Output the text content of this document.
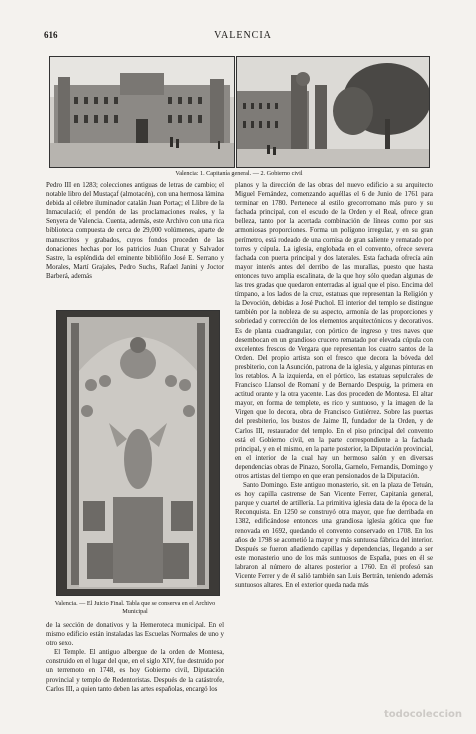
616	VALENCIA
Valencia: 1. Capitanía general. — 2. Gobierno civil

Pedro III en 1283; colecciones antiguas de letras de cambio; el notable libro del Mustaçaf (almotacén), con una hermosa lámina debida al célebre iluminador catalán Juan Portaç; el Llibre de la Inmaculació; el pendón de las proclamaciones reales, y la Senyera de Valencia. Cuenta, además, este Archivo con una rica biblioteca compuesta de cerca de 29,000 volúmenes, aparte de manuscritos y grabados, cuyos fondos proceden de las donaciones hechas por los patricios Juan Churat y Salvador Sastre, la espléndida del eminente bibliófilo José E. Serrano y Morales, Martí Grajales, Pedro Suchs, Rafael Janini y Joctor Barberá, además

Valencia. — El Juicio Final. Tabla que se conserva en el Archivo Municipal

de la sección de donativos y la Hemeroteca municipal. En el mismo edificio están instaladas las Escuelas Normales de uno y otro sexo.

El Temple. El antiguo albergue de la orden de Montesa, construido en el lugar del que, en el siglo XIV, fue destruido por un terremoto en 1748, es hoy Gobierno civil, Diputación provincial y templo de Redentoristas. Después de la catástrofe, Carlos III, a quien tanto deben las artes españolas, encargó los

planos y la dirección de las obras del nuevo edificio a su arquitecto Miguel Fernández, comenzando aquéllas el 6 de Junio de 1761 para terminar en 1780. Pertenece al estilo grecorromano más puro y su fachada principal, con el escudo de la Orden y el Real, ofrece gran belleza, tanto por la acertada combinación de líneas como por sus armoniosas proporciones. Forma un polígono irregular, y en su gran perímetro, está rodeado de una cornisa de gran saliente y rematado por torres y cúpula. La iglesia, englobada en el convento, ofrece severa fachada con puerta principal y dos laterales. Esta fachada ofrecía aún mayor interés antes del derribo de las murallas, puesto que hasta entonces tuvo amplia escalinata, de la que hoy sólo quedan algunas de las tres gradas que quedaron enterradas al igual que el piso. Encima del tímpano, a los lados de la cruz, estatuas que representan la Religión y la Devoción, debidas a José Puchol. El interior del templo se distingue también por la nobleza de su aspecto, armonía de las proporciones y sobriedad y corrección de los elementos arquitectónicos y decorativos. Es de planta cuadrangular, con pórtico de ingreso y tres naves que desembocan en un grandioso crucero rematado por elevada cúpula con excelentes frescos de Vergara que representan los cuatro santos de la Orden. Del propio artista son el fresco que decora la bóveda del presbiterio, con la Asunción, patrona de la iglesia, y algunas pinturas en los retablos. A la izquierda, en el pórtico, las estatuas sepulcrales de Francisco Llansol de Romaní y de Bernardo Despuig, la primera en actitud orante y la otra yacente. Las dos proceden de Montesa. El altar mayor, en forma de templete, es rico y suntuoso, y la imagen de la Virgen que lo decora, obra de Francisco Gutiérrez. Sobre las puertas del presbiterio, los bustos de Jaime II, fundador de la Orden, y de Carlos III, restaurador del templo. En el piso principal del convento está el Gobierno civil, en la parte correspondiente a la fachada principal, y en el mismo, en la parte posterior, la Diputación provincial, en el interior de la cual hay un hermoso salón y en diversas dependencias obras de Pinazo, Sorolla, Garnelo, Fernandis, Domingo y otros artistas del tiempo en que eran pensionados de la Diputación.

Santo Domingo. Este antiguo monasterio, sit. en la plaza de Tetuán, es hoy capilla castrense de San Vicente Ferrer, Capitanía general, parque y cuartel de artillería. La primitiva iglesia data de la época de la Reconquista. En 1250 se construyó otra mayor, que fue derribada en 1382, edificándose entonces una grandiosa iglesia gótica que fue renovada en 1692, quedando el convento conservado en 1708. En los años de 1798 se acometió la mayor y más suntuosa fábrica del interior. Después se fueron añadiendo capillas y dependencias, llegando a ser este monasterio uno de los más suntuosos de España, pues en él se labraron al número de altares posterior a 1760. En él profesó san Vicente Ferrer y de él salió también san Luis Bertrán, teniendo además suntuosos altares. En el exterior queda nada más

todocoleccion
